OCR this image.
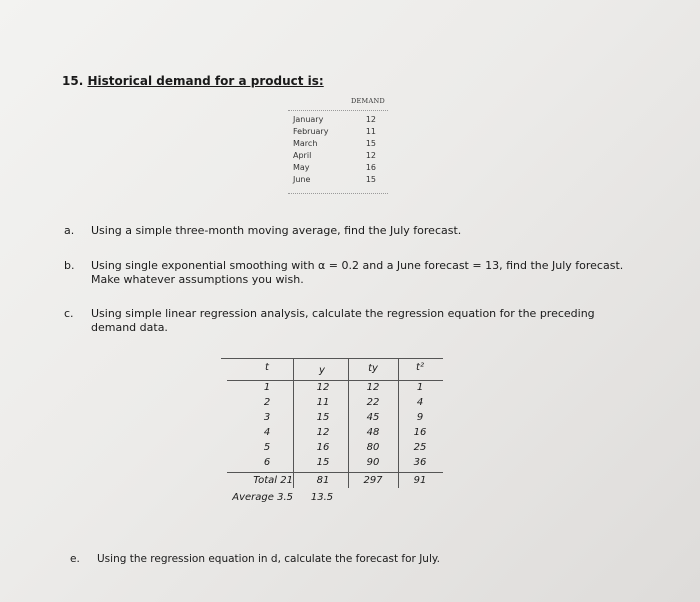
15. Historical demand for a product is:
DEMAND
January	12
February	11
March	15
April	12
May	16
June	15
a. Using a simple three-month moving average, find the July forecast.
b. Using single exponential smoothing with α = 0.2 and a June forecast = 13, find the July forecast.
Make whatever assumptions you wish.
c. Using simple linear regression analysis, calculate the regression equation for the preceding
demand data.
t	y	ty	t²
1	12	12	1
2	11	22	4
3	15	45	9
4	12	48	16
5	16	80	25
6	15	90	36
Total 21	81	297	91
Average 3.5	13.5
e. Using the regression equation in d, calculate the forecast for July.
